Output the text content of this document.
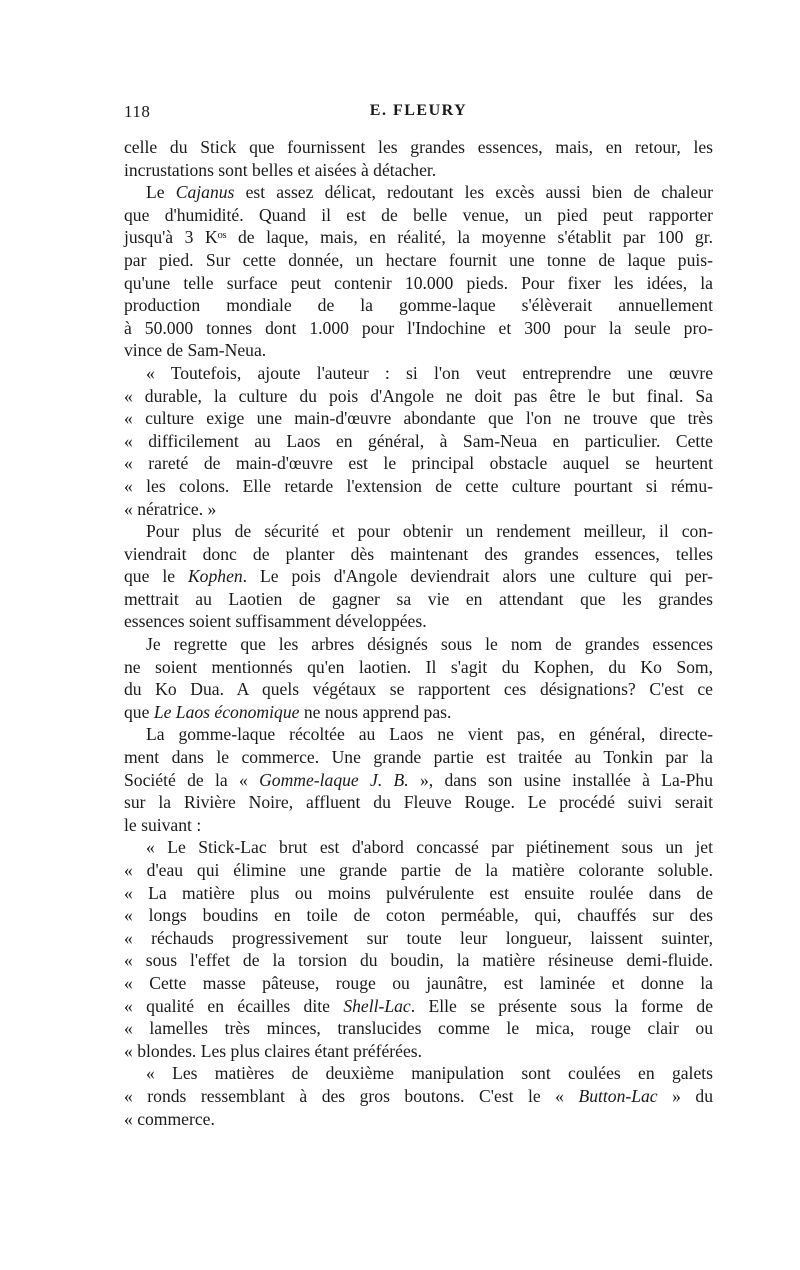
118	E. FLEURY
celle du Stick que fournissent les grandes essences, mais, en retour, les
incrustations sont belles et aisées à détacher.
Le Cajanus est assez délicat, redoutant les excès aussi bien de chaleur
que d'humidité. Quand il est de belle venue, un pied peut rapporter
jusqu'à 3 Kᵒˢ de laque, mais, en réalité, la moyenne s'établit par 100 gr.
par pied. Sur cette donnée, un hectare fournit une tonne de laque puis-
qu'une telle surface peut contenir 10.000 pieds. Pour fixer les idées, la
production mondiale de la gomme-laque s'élèverait annuellement
à 50.000 tonnes dont 1.000 pour l'Indochine et 300 pour la seule pro-
vince de Sam-Neua.
« Toutefois, ajoute l'auteur : si l'on veut entreprendre une œuvre
« durable, la culture du pois d'Angole ne doit pas être le but final. Sa
« culture exige une main-d'œuvre abondante que l'on ne trouve que très
« difficilement au Laos en général, à Sam-Neua en particulier. Cette
« rareté de main-d'œuvre est le principal obstacle auquel se heurtent
« les colons. Elle retarde l'extension de cette culture pourtant si rému-
« nératrice. »
Pour plus de sécurité et pour obtenir un rendement meilleur, il con-
viendrait donc de planter dès maintenant des grandes essences, telles
que le Kophen. Le pois d'Angole deviendrait alors une culture qui per-
mettrait au Laotien de gagner sa vie en attendant que les grandes
essences soient suffisamment développées.
Je regrette que les arbres désignés sous le nom de grandes essences
ne soient mentionnés qu'en laotien. Il s'agit du Kophen, du Ko Som,
du Ko Dua. A quels végétaux se rapportent ces désignations? C'est ce
que Le Laos économique ne nous apprend pas.
La gomme-laque récoltée au Laos ne vient pas, en général, directe-
ment dans le commerce. Une grande partie est traitée au Tonkin par la
Société de la « Gomme-laque J. B. », dans son usine installée à La-Phu
sur la Rivière Noire, affluent du Fleuve Rouge. Le procédé suivi serait
le suivant :
« Le Stick-Lac brut est d'abord concassé par piétinement sous un jet
« d'eau qui élimine une grande partie de la matière colorante soluble.
« La matière plus ou moins pulvérulente est ensuite roulée dans de
« longs boudins en toile de coton perméable, qui, chauffés sur des
« réchauds progressivement sur toute leur longueur, laissent suinter,
« sous l'effet de la torsion du boudin, la matière résineuse demi-fluide.
« Cette masse pâteuse, rouge ou jaunâtre, est laminée et donne la
« qualité en écailles dite Shell-Lac. Elle se présente sous la forme de
« lamelles très minces, translucides comme le mica, rouge clair ou
« blondes. Les plus claires étant préférées.
« Les matières de deuxième manipulation sont coulées en galets
« ronds ressemblant à des gros boutons. C'est le « Button-Lac » du
« commerce.
